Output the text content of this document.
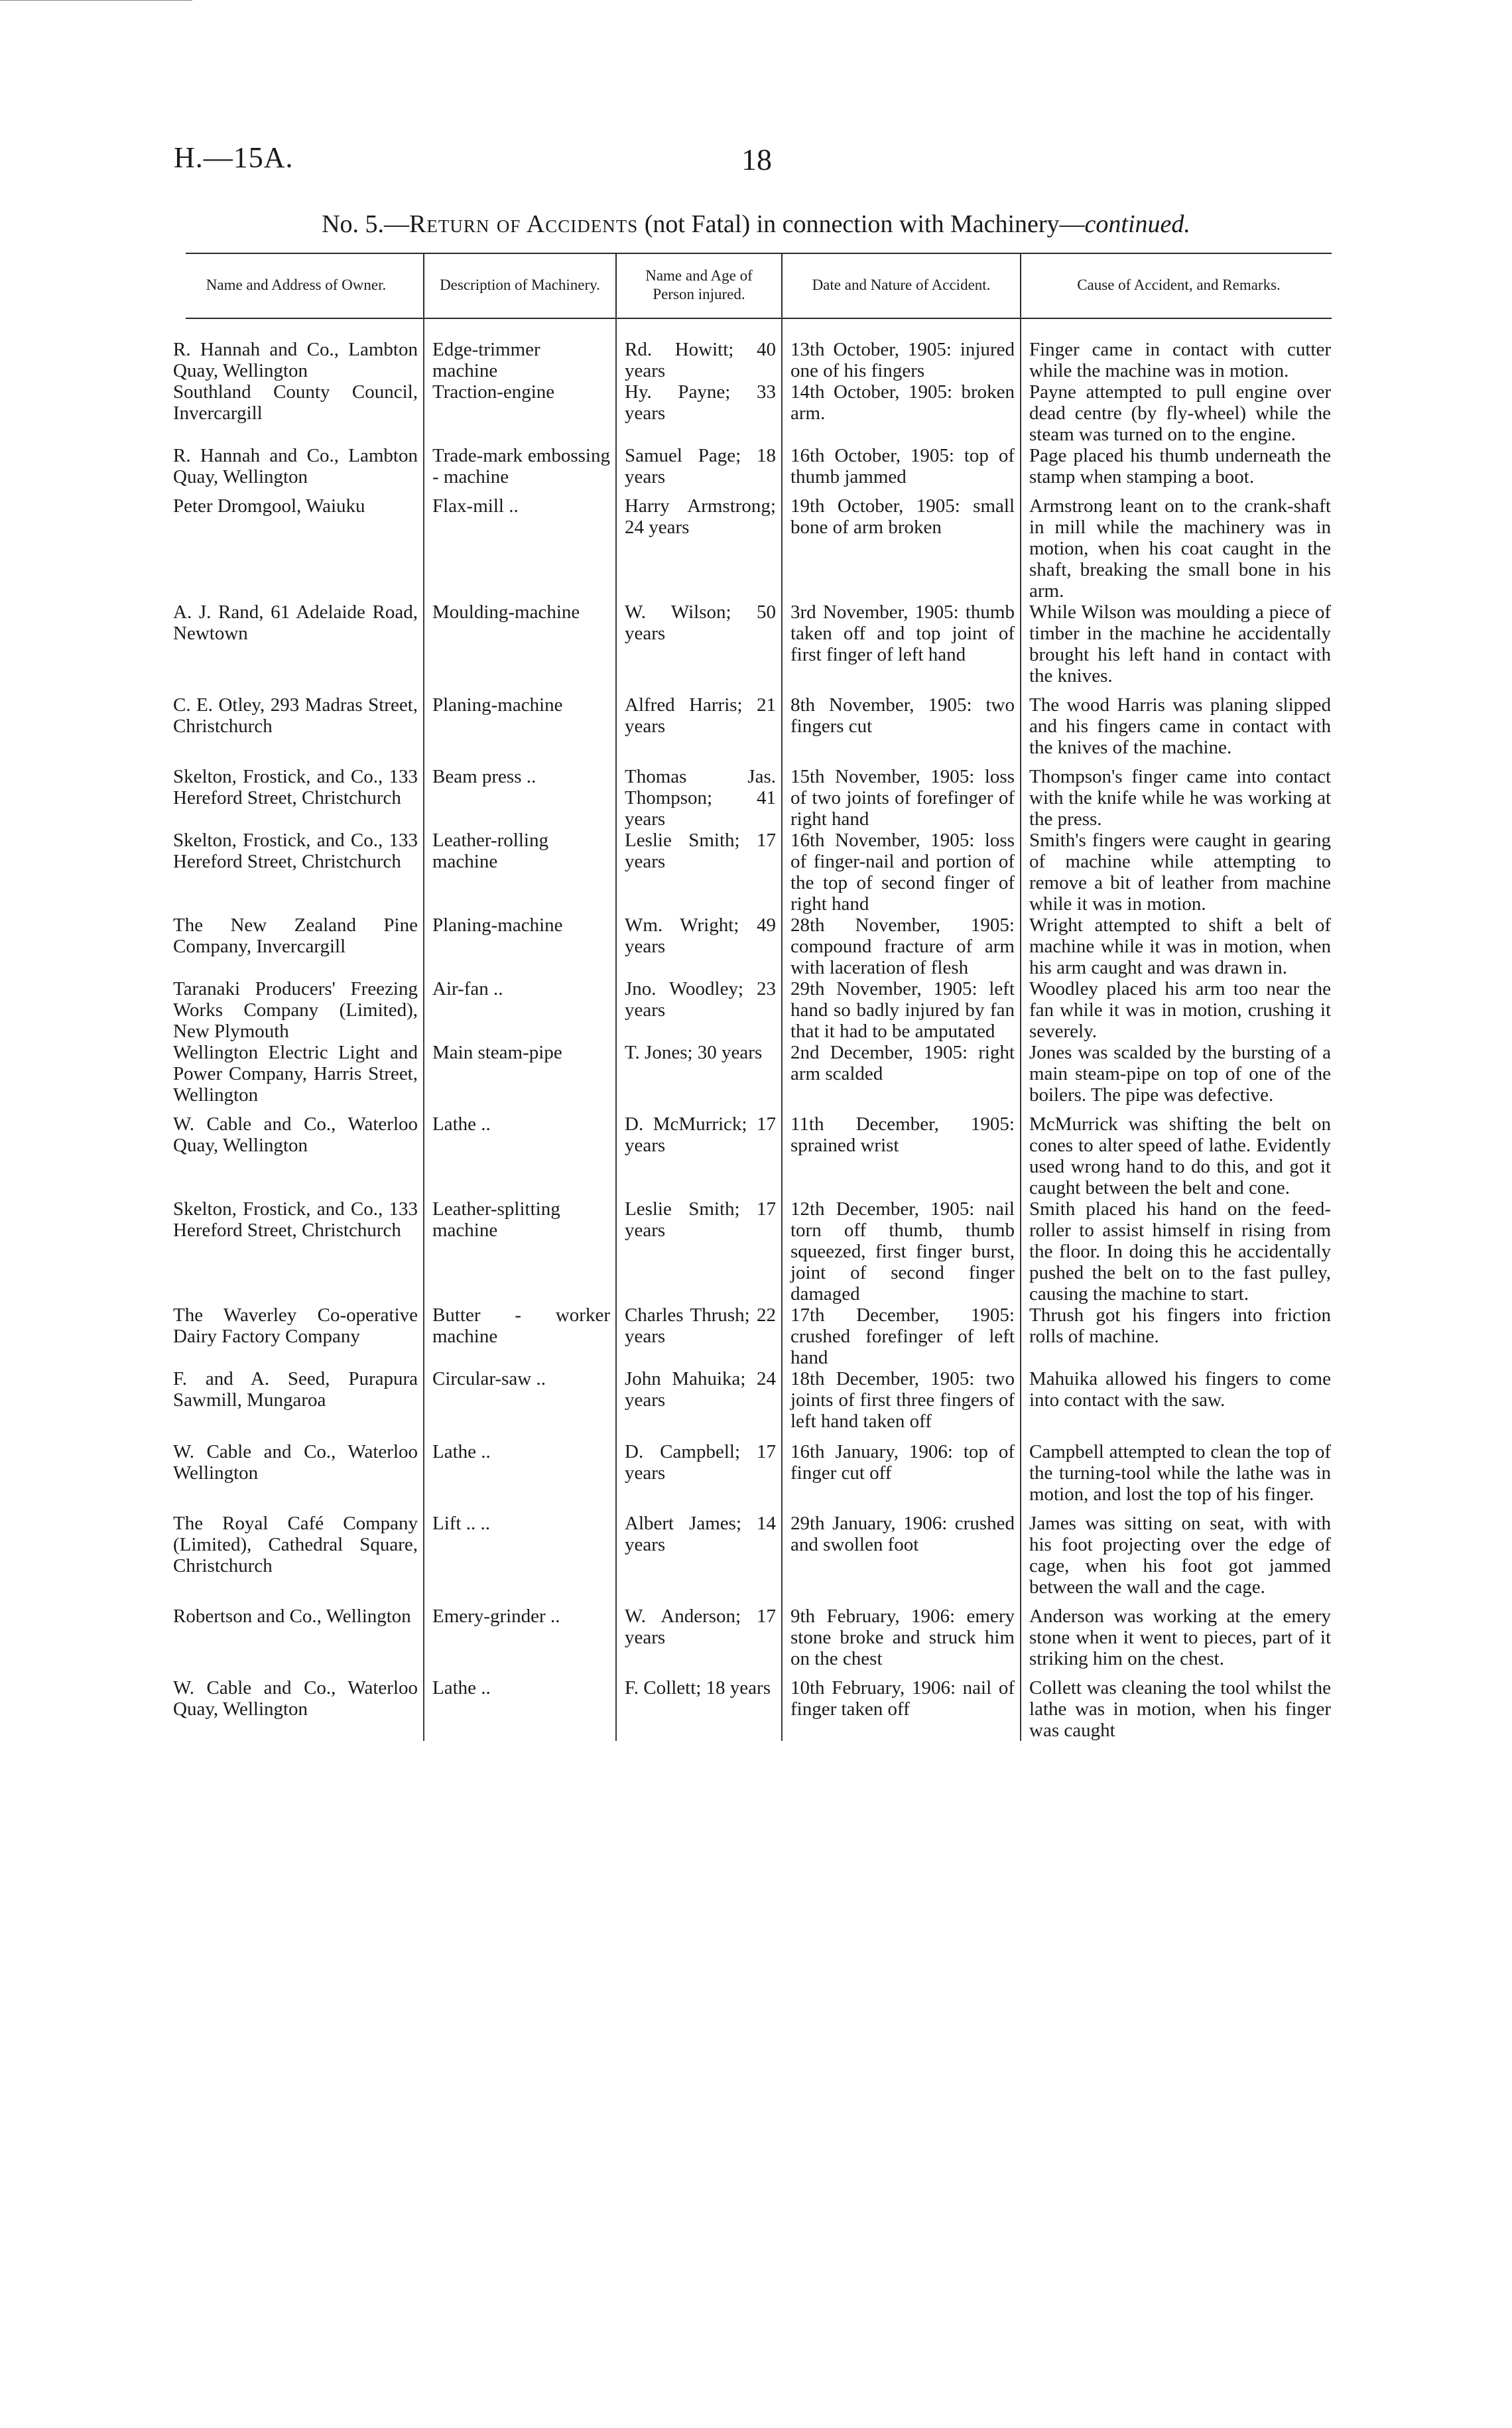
H.—15A.	18
No. 5.—Return of Accidents (not Fatal) in connection with Machinery—continued.
Name and Address of Owner.	Description of Machinery.	Name and Age of Person injured.	Date and Nature of Accident.	Cause of Accident, and Remarks.

R. Hannah and Co., Lambton Quay, Wellington	Edge-trimmer machine	Rd. Howitt; 40 years	13th October, 1905: injured one of his fingers	Finger came in contact with cutter while the machine was in motion.
Southland County Council, Invercargill	Traction-engine	Hy. Payne; 33 years	14th October, 1905: broken arm.	Payne attempted to pull engine over dead centre (by fly-wheel) while the steam was turned on to the engine.
R. Hannah and Co., Lambton Quay, Wellington	Trade-mark embossing - machine	Samuel Page; 18 years	16th October, 1905: top of thumb jammed	Page placed his thumb underneath the stamp when stamping a boot.
Peter Dromgool, Waiuku	Flax-mill ..	Harry Armstrong; 24 years	19th October, 1905: small bone of arm broken	Armstrong leant on to the crank-shaft in mill while the machinery was in motion, when his coat caught in the shaft, breaking the small bone in his arm.
A. J. Rand, 61 Adelaide Road, Newtown	Moulding-machine	W. Wilson; 50 years	3rd November, 1905: thumb taken off and top joint of first finger of left hand	While Wilson was moulding a piece of timber in the machine he accidentally brought his left hand in contact with the knives.
C. E. Otley, 293 Madras Street, Christchurch	Planing-machine	Alfred Harris; 21 years	8th November, 1905: two fingers cut	The wood Harris was planing slipped and his fingers came in contact with the knives of the machine.
Skelton, Frostick, and Co., 133 Hereford Street, Christchurch	Beam press ..	Thomas Jas. Thompson; 41 years	15th November, 1905: loss of two joints of forefinger of right hand	Thompson's finger came into contact with the knife while he was working at the press.
Skelton, Frostick, and Co., 133 Hereford Street, Christchurch	Leather-rolling machine	Leslie Smith; 17 years	16th November, 1905: loss of finger-nail and portion of the top of second finger of right hand	Smith's fingers were caught in gearing of machine while attempting to remove a bit of leather from machine while it was in motion.
The New Zealand Pine Company, Invercargill	Planing-machine	Wm. Wright; 49 years	28th November, 1905: compound fracture of arm with laceration of flesh	Wright attempted to shift a belt of machine while it was in motion, when his arm caught and was drawn in.
Taranaki Producers' Freezing Works Company (Limited), New Plymouth	Air-fan ..	Jno. Woodley; 23 years	29th November, 1905: left hand so badly injured by fan that it had to be amputated	Woodley placed his arm too near the fan while it was in motion, crushing it severely.
Wellington Electric Light and Power Company, Harris Street, Wellington	Main steam-pipe	T. Jones; 30 years	2nd December, 1905: right arm scalded	Jones was scalded by the bursting of a main steam-pipe on top of one of the boilers. The pipe was defective.
W. Cable and Co., Waterloo Quay, Wellington	Lathe ..	D. McMurrick; 17 years	11th December, 1905: sprained wrist	McMurrick was shifting the belt on cones to alter speed of lathe. Evidently used wrong hand to do this, and got it caught between the belt and cone.
Skelton, Frostick, and Co., 133 Hereford Street, Christchurch	Leather-splitting machine	Leslie Smith; 17 years	12th December, 1905: nail torn off thumb, thumb squeezed, first finger burst, joint of second finger damaged	Smith placed his hand on the feed-roller to assist himself in rising from the floor. In doing this he accidentally pushed the belt on to the fast pulley, causing the machine to start.
The Waverley Co-operative Dairy Factory Company	Butter - worker machine	Charles Thrush; 22 years	17th December, 1905: crushed forefinger of left hand	Thrush got his fingers into friction rolls of machine.
F. and A. Seed, Purapura Sawmill, Mungaroa	Circular-saw ..	John Mahuika; 24 years	18th December, 1905: two joints of first three fingers of left hand taken off	Mahuika allowed his fingers to come into contact with the saw.
W. Cable and Co., Waterloo Wellington	Lathe ..	D. Campbell; 17 years	16th January, 1906: top of finger cut off	Campbell attempted to clean the top of the turning-tool while the lathe was in motion, and lost the top of his finger.
The Royal Café Company (Limited), Cathedral Square, Christchurch	Lift .. ..	Albert James; 14 years	29th January, 1906: crushed and swollen foot	James was sitting on seat, with with his foot projecting over the edge of cage, when his foot got jammed between the wall and the cage.
Robertson and Co., Wellington	Emery-grinder ..	W. Anderson; 17 years	9th February, 1906: emery stone broke and struck him on the chest	Anderson was working at the emery stone when it went to pieces, part of it striking him on the chest.
W. Cable and Co., Waterloo Quay, Wellington	Lathe ..	F. Collett; 18 years	10th February, 1906: nail of finger taken off	Collett was cleaning the tool whilst the lathe was in motion, when his finger was caught
